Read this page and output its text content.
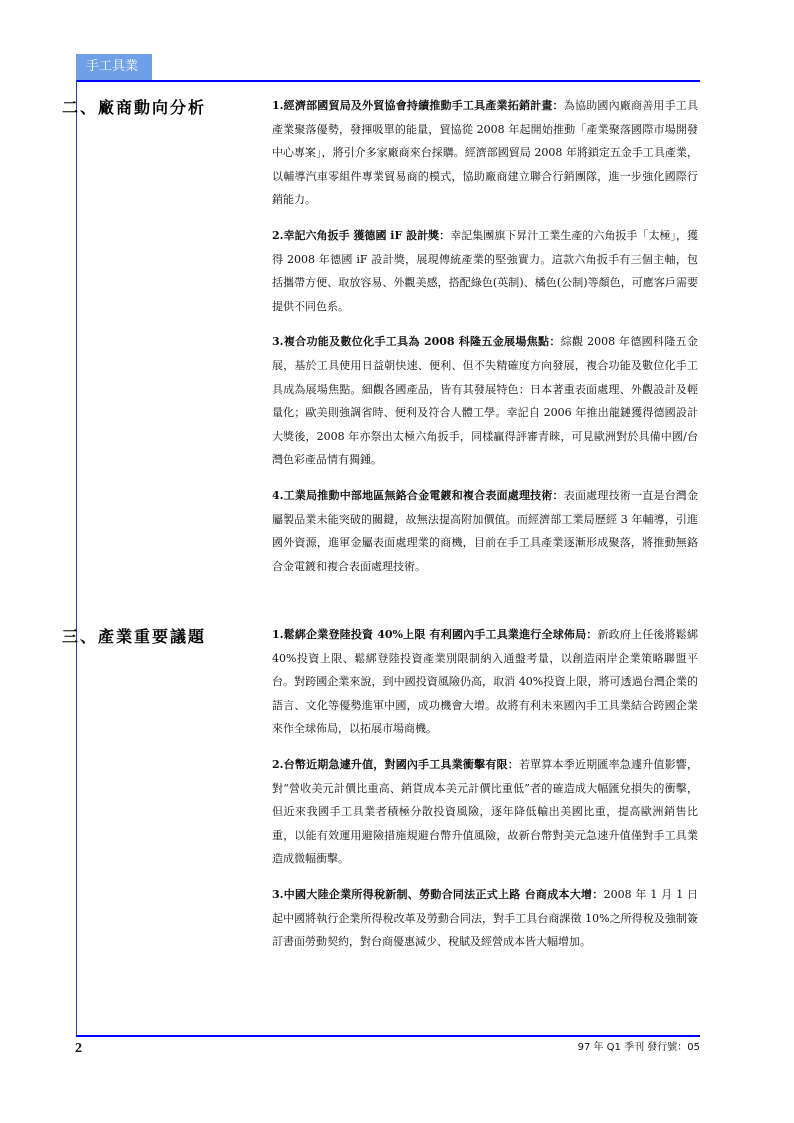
手工具業
二、廠商動向分析	1.經濟部國貿局及外貿協會持續推動手工具產業拓銷計畫：為協助國內廠商善用手工具產業聚落優勢，發揮吸單的能量，貿協從 2008 年起開始推動「產業聚落國際市場開發中心專案」，將引介多家廠商來台採購。經濟部國貿局 2008 年將鎖定五金手工具產業，以輔導汽車零組件專業貿易商的模式，協助廠商建立聯合行銷團隊，進一步強化國際行銷能力。

2.幸記六角扳手 獲德國 iF 設計獎：幸記集團旗下昇汁工業生產的六角扳手「太極」，獲得 2008 年德國 iF 設計獎，展現傳統產業的堅強實力。這款六角扳手有三個主軸，包括攜帶方便、取放容易、外觀美感，搭配綠色(英制)、橘色(公制)等顏色，可應客戶需要提供不同色系。

3.複合功能及數位化手工具為 2008 科隆五金展場焦點：綜觀 2008 年德國科隆五金展，基於工具使用日益朝快速、便利、但不失精確度方向發展，複合功能及數位化手工具成為展場焦點。細觀各國產品，皆有其發展特色：日本著重表面處理、外觀設計及輕量化；歐美則強調省時、便利及符合人體工學。幸記自 2006 年推出龍鏈獲得德國設計大獎後，2008 年亦祭出太極六角扳手，同樣贏得評審青睞，可見歐洲對於具備中國/台灣色彩產品情有獨鍾。

4.工業局推動中部地區無鉻合金電鍍和複合表面處理技術：表面處理技術一直是台灣金屬製品業未能突破的關鍵，故無法提高附加價值。而經濟部工業局歷經 3 年輔導，引進國外資源，進軍金屬表面處理業的商機，目前在手工具產業逐漸形成聚落，將推動無鉻合金電鍍和複合表面處理技術。

三、產業重要議題	1.鬆綁企業登陸投資 40%上限 有利國內手工具業進行全球佈局：新政府上任後將鬆綁 40%投資上限、鬆綁登陸投資產業別限制納入通盤考量，以創造兩岸企業策略聯盟平台。對跨國企業來說，到中國投資風險仍高，取消 40%投資上限，將可透過台灣企業的語言、文化等優勢進軍中國，成功機會大增。故將有利未來國內手工具業結合跨國企業來作全球佈局，以拓展市場商機。

2.台幣近期急遽升值，對國內手工具業衝擊有限：若單算本季近期匯率急遽升值影響，對“營收美元計價比重高、銷貨成本美元計價比重低”者的確造成大幅匯兌損失的衝擊，但近來我國手工具業者積極分散投資風險，逐年降低輸出美國比重，提高歐洲銷售比重，以能有效運用避險措施規避台幣升值風險，故新台幣對美元急速升值僅對手工具業造成微幅衝擊。

3.中國大陸企業所得稅新制、勞動合同法正式上路 台商成本大增：2008 年 1 月 1 日起中國將執行企業所得稅改革及勞動合同法，對手工具台商課徵 10%之所得稅及強制簽訂書面勞動契約，對台商優惠減少、稅賦及經營成本皆大幅增加。

2	97 年 Q1 季刊 發行號：05
